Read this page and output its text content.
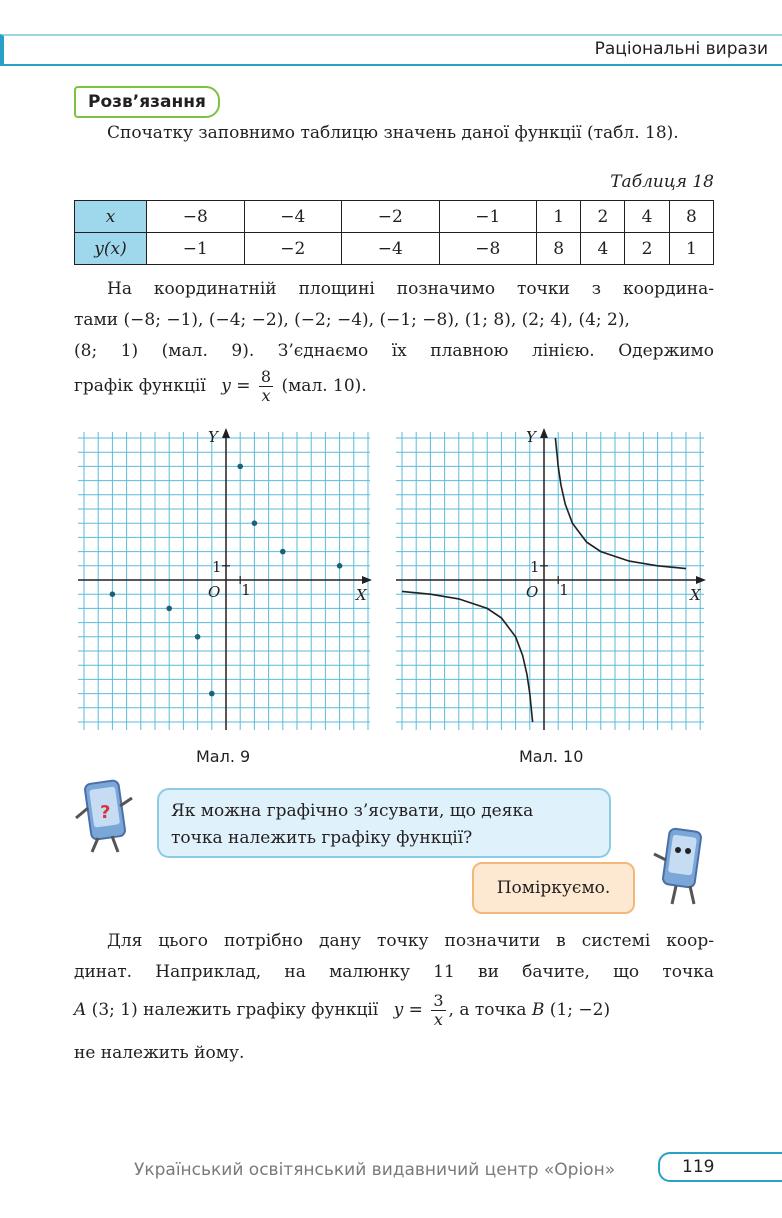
Раціональні вирази
Розв’язання
Спочатку заповнимо таблицю значень даної функції (табл. 18).
Таблиця 18
x	−8	−4	−2	−1	1	2	4	8
y(x)	−1	−2	−4	−8	8	4	2	1
На координатній площині позначимо точки з координа-
тами (−8; −1), (−4; −2), (−2; −4), (−1; −8), (1; 8), (2; 4), (4; 2),
(8; 1) (мал. 9). З’єднаємо їх плавною лінією. Одержимо
графік функції $y = \frac{8}{x} (мал$. 10).
Y
X
O
1
1
Мал. 9
Y
X
O
1
1
Мал. 10
?	Як можна графічно з’ясувати, що деяка
точка належить графіку функції?
Поміркуємо.
Для цього потрібно дану точку позначити в системі коор-
динат. Наприклад, на малюнку 11 ви бачите, що точка
A (3; 1) належить графіку функції $y = \frac{3}{x}$ , а точка B (1; −2)
не належить йому.
Український освітянський видавничий центр «Оріон»	119
